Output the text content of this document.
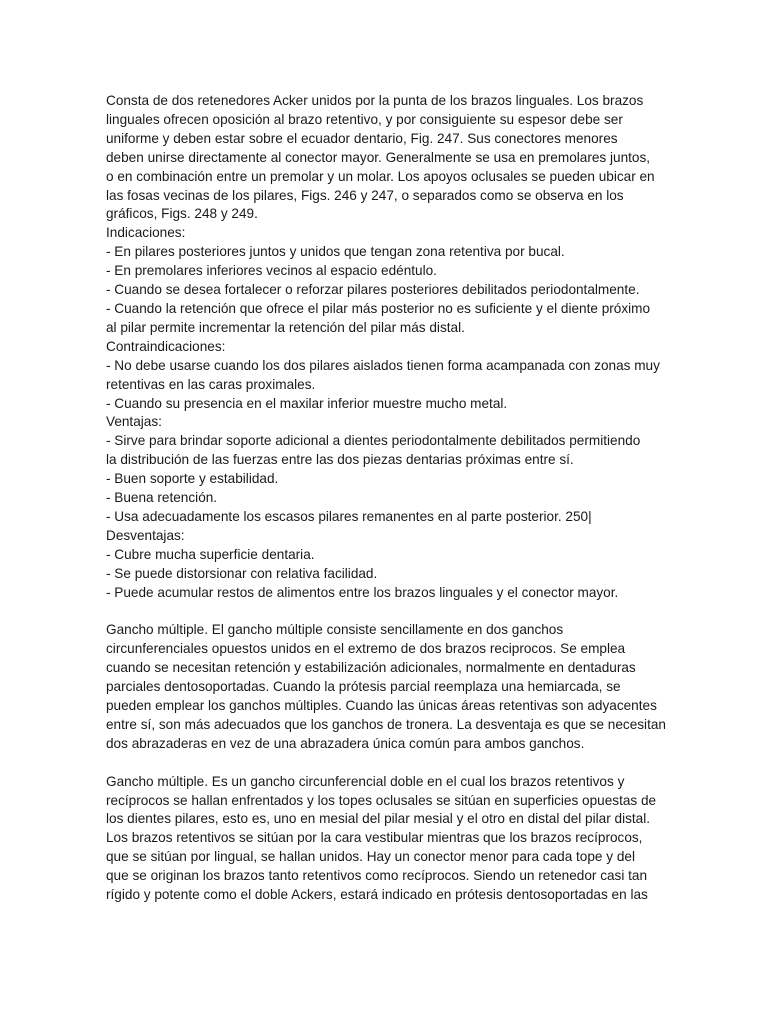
Consta de dos retenedores Acker unidos por la punta de los brazos linguales. Los brazos
linguales ofrecen oposición al brazo retentivo, y por consiguiente su espesor debe ser
uniforme y deben estar sobre el ecuador dentario, Fig. 247. Sus conectores menores
deben unirse directamente al conector mayor. Generalmente se usa en premolares juntos,
o en combinación entre un premolar y un molar. Los apoyos oclusales se pueden ubicar en
las fosas vecinas de los pilares, Figs. 246 y 247, o separados como se observa en los
gráficos, Figs. 248 y 249.

Indicaciones:
- En pilares posteriores juntos y unidos que tengan zona retentiva por bucal.
- En premolares inferiores vecinos al espacio edéntulo.
- Cuando se desea fortalecer o reforzar pilares posteriores debilitados periodontalmente.
- Cuando la retención que ofrece el pilar más posterior no es suficiente y el diente próximo
al pilar permite incrementar la retención del pilar más distal.
Contraindicaciones:
- No debe usarse cuando los dos pilares aislados tienen forma acampanada con zonas muy
retentivas en las caras proximales.
- Cuando su presencia en el maxilar inferior muestre mucho metal.
Ventajas:
- Sirve para brindar soporte adicional a dientes periodontalmente debilitados permitiendo
la distribución de las fuerzas entre las dos piezas dentarias próximas entre sí.
- Buen soporte y estabilidad.
- Buena retención.
- Usa adecuadamente los escasos pilares remanentes en al parte posterior. 250|
Desventajas:
- Cubre mucha superficie dentaria.
- Se puede distorsionar con relativa facilidad.
- Puede acumular restos de alimentos entre los brazos linguales y el conector mayor.

Gancho múltiple. El gancho múltiple consiste sencillamente en dos ganchos
circunferenciales opuestos unidos en el extremo de dos brazos reciprocos. Se emplea
cuando se necesitan retención y estabilización adicionales, normalmente en dentaduras
parciales dentosoportadas. Cuando la prótesis parcial reemplaza una hemiarcada, se
pueden emplear los ganchos múltiples. Cuando las únicas áreas retentivas son adyacentes
entre sí, son más adecuados que los ganchos de tronera. La desventaja es que se necesitan
dos abrazaderas en vez de una abrazadera única común para ambos ganchos.

Gancho múltiple. Es un gancho circunferencial doble en el cual los brazos retentivos y
recíprocos se hallan enfrentados y los topes oclusales se sitúan en superficies opuestas de
los dientes pilares, esto es, uno en mesial del pilar mesial y el otro en distal del pilar distal.
Los brazos retentivos se sitúan por la cara vestibular mientras que los brazos recíprocos,
que se sitúan por lingual, se hallan unidos. Hay un conector menor para cada tope y del
que se originan los brazos tanto retentivos como recíprocos. Siendo un retenedor casi tan
rígido y potente como el doble Ackers, estará indicado en prótesis dentosoportadas en las
